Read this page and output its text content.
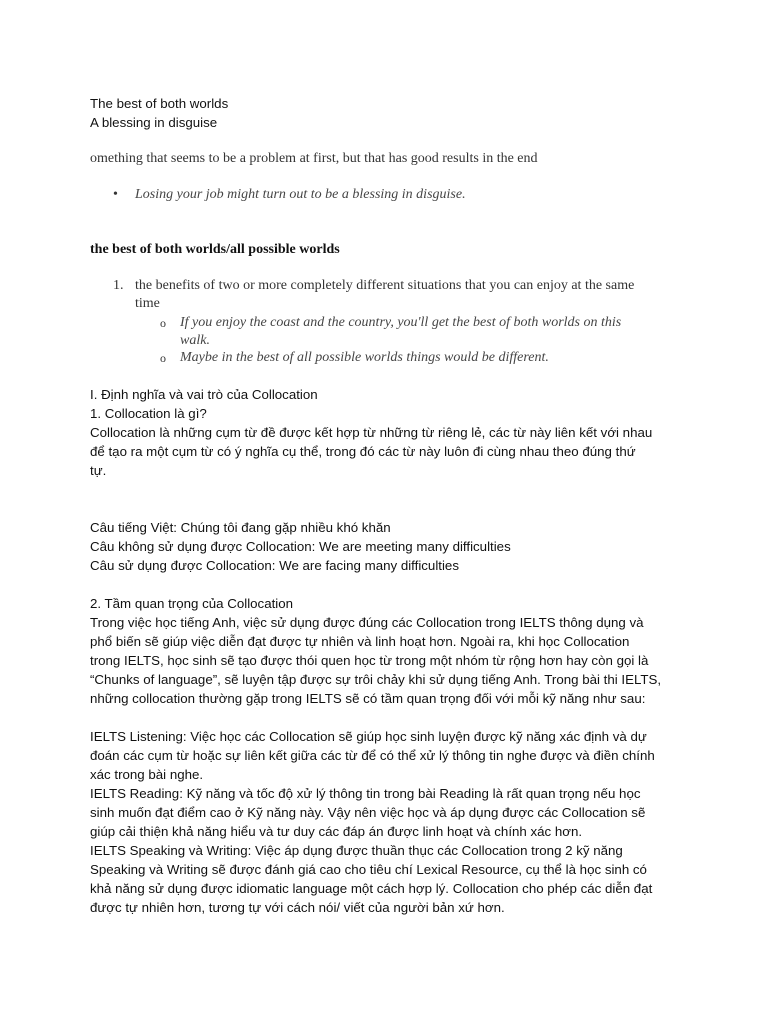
The best of both worlds
A blessing in disguise
omething that seems to be a problem at first, but that has good results in the end
• Losing your job might turn out to be a blessing in disguise.
the best of both worlds/all possible worlds
1. the benefits of two or more completely different situations that you can enjoy at the same
time
o If you enjoy the coast and the country, you'll get the best of both worlds on this
walk.
o Maybe in the best of all possible worlds things would be different.
I. Định nghĩa và vai trò của Collocation
1. Collocation là gì?
Collocation là những cụm từ đề được kết hợp từ những từ riêng lẻ, các từ này liên kết với nhau
để tạo ra một cụm từ có ý nghĩa cụ thể, trong đó các từ này luôn đi cùng nhau theo đúng thứ
tự.
Câu tiếng Việt: Chúng tôi đang gặp nhiều khó khăn
Câu không sử dụng được Collocation: We are meeting many difficulties
Câu sử dụng được Collocation: We are facing many difficulties
2. Tầm quan trọng của Collocation
Trong việc học tiếng Anh, việc sử dụng được đúng các Collocation trong IELTS thông dụng và
phổ biến sẽ giúp việc diễn đạt được tự nhiên và linh hoạt hơn. Ngoài ra, khi học Collocation
trong IELTS, học sinh sẽ tạo được thói quen học từ trong một nhóm từ rộng hơn hay còn gọi là
“Chunks of language”, sẽ luyện tập được sự trôi chảy khi sử dụng tiếng Anh. Trong bài thi IELTS,
những collocation thường gặp trong IELTS sẽ có tầm quan trọng đối với mỗi kỹ năng như sau:
IELTS Listening: Việc học các Collocation sẽ giúp học sinh luyện được kỹ năng xác định và dự
đoán các cụm từ hoặc sự liên kết giữa các từ để có thể xử lý thông tin nghe được và điền chính
xác trong bài nghe.
IELTS Reading: Kỹ năng và tốc độ xử lý thông tin trong bài Reading là rất quan trọng nếu học
sinh muốn đạt điểm cao ở Kỹ năng này. Vậy nên việc học và áp dụng được các Collocation sẽ
giúp cải thiện khả năng hiểu và tư duy các đáp án được linh hoạt và chính xác hơn.
IELTS Speaking và Writing: Việc áp dụng được thuần thục các Collocation trong 2 kỹ năng
Speaking và Writing sẽ được đánh giá cao cho tiêu chí Lexical Resource, cụ thể là học sinh có
khả năng sử dụng được idiomatic language một cách hợp lý. Collocation cho phép các diễn đạt
được tự nhiên hơn, tương tự với cách nói/ viết của người bản xứ hơn.
